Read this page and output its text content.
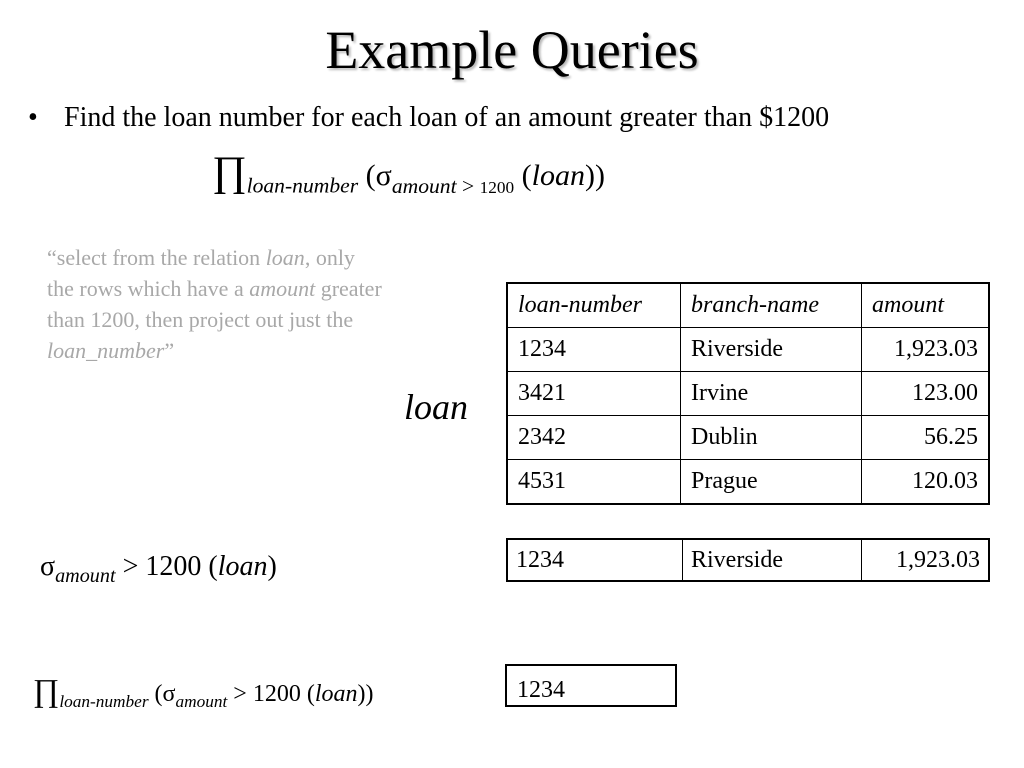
Example Queries
• Find the loan number for each loan of an amount greater than $1200
$\prod_{loan-number}$ ($\sigma_{amount > 1200}$ (loan))
“select from the relation loan, only the rows which have a amount greater than 1200, then project out just the loan_number”
loan
loan-number	branch-name	amount
1234	Riverside	1,923.03
3421	Irvine	123.00
2342	Dublin	56.25
4531	Prague	120.03
$\sigma_{amount} > 1200$ (loan)	1234	Riverside	1,923.03
$\prod_{loan-number}$ ($\sigma_{amount} > 1200$ (loan))	1234
